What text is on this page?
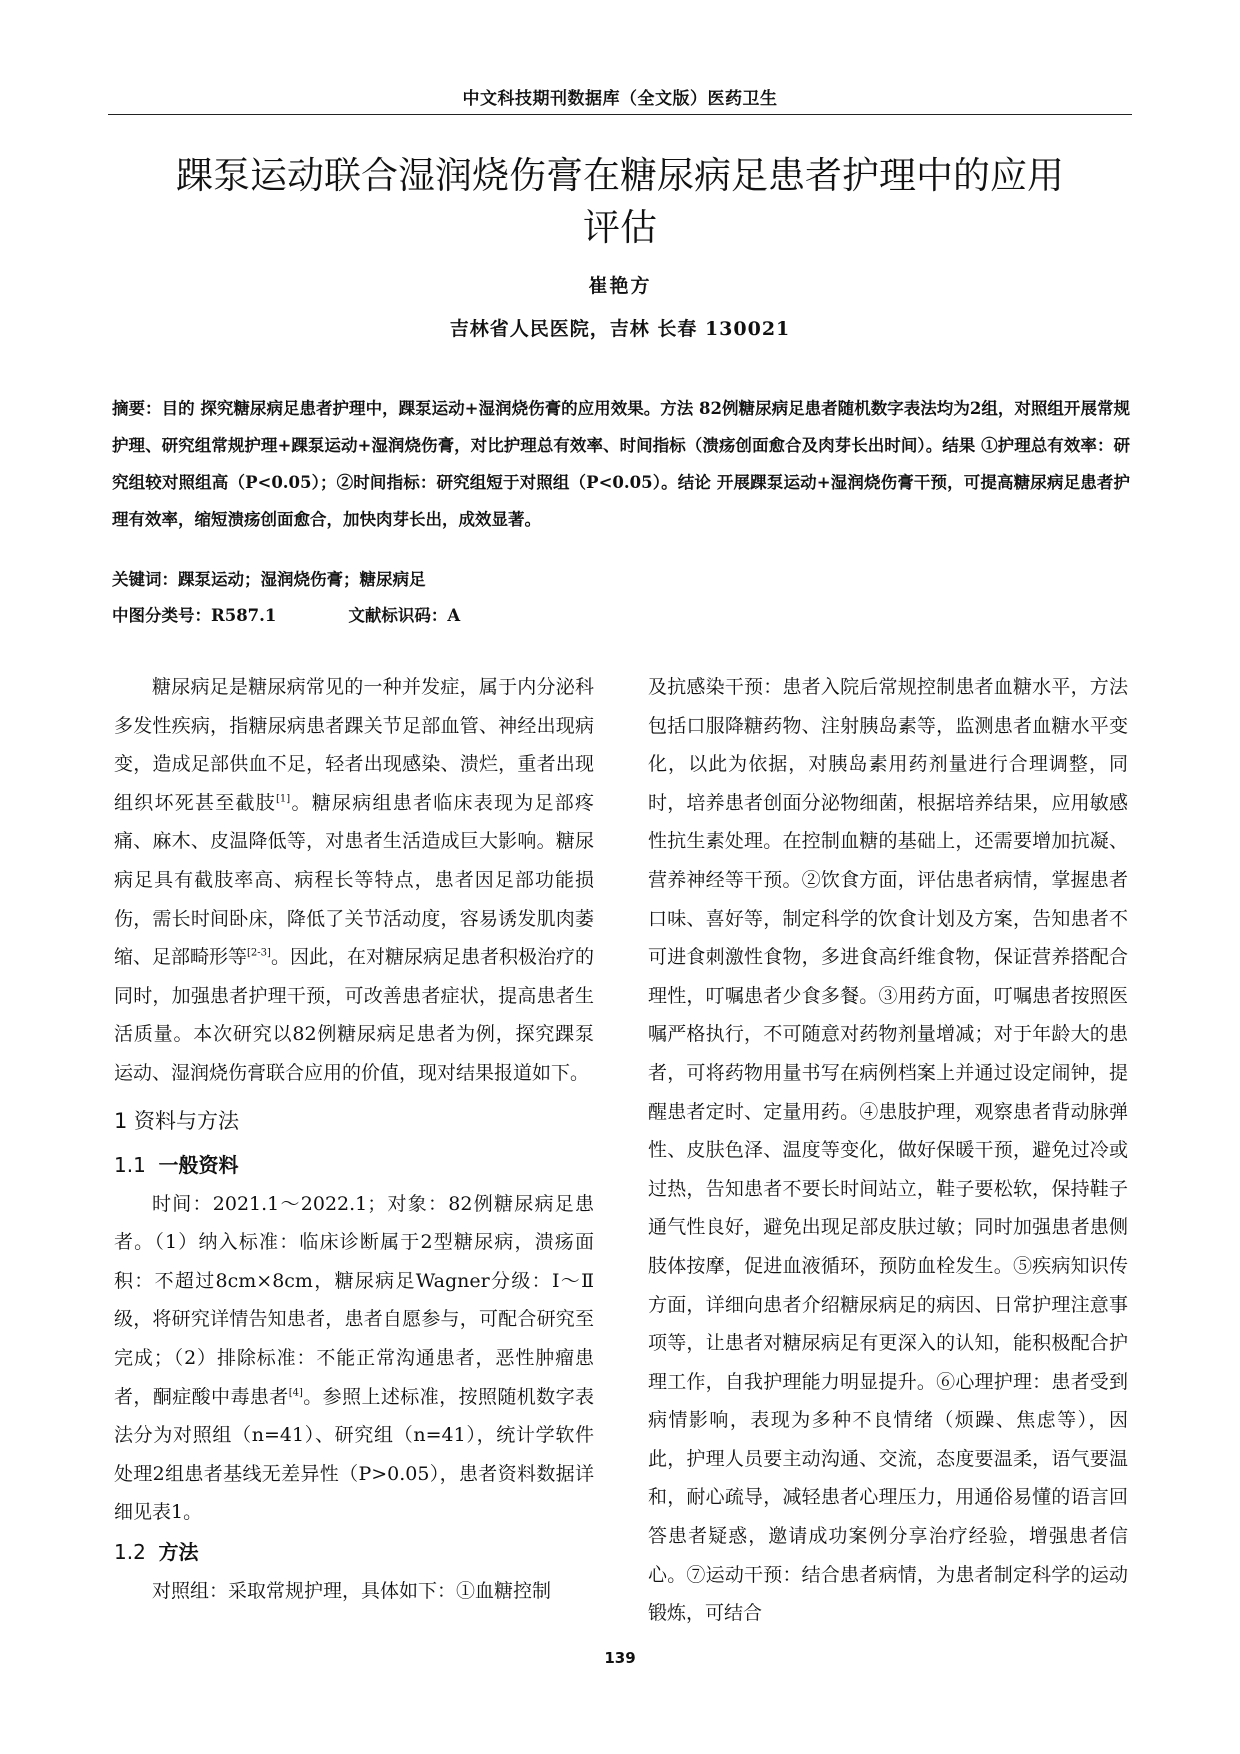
中文科技期刊数据库（全文版）医药卫生
踝泵运动联合湿润烧伤膏在糖尿病足患者护理中的应用
评估
崔艳方
吉林省人民医院，吉林 长春 130021
摘要：目的 探究糖尿病足患者护理中，踝泵运动+湿润烧伤膏的应用效果。方法 82例糖尿病足患者随机数字表法均为2组，对照组开展常规护理、研究组常规护理+踝泵运动+湿润烧伤膏，对比护理总有效率、时间指标（溃疡创面愈合及肉芽长出时间）。结果 ①护理总有效率：研究组较对照组高（P<0.05）；②时间指标：研究组短于对照组（P<0.05）。结论 开展踝泵运动+湿润烧伤膏干预，可提高糖尿病足患者护理有效率，缩短溃疡创面愈合，加快肉芽长出，成效显著。
关键词：踝泵运动；湿润烧伤膏；糖尿病足
中图分类号：R587.1	文献标识码：A

糖尿病足是糖尿病常见的一种并发症，属于内分泌科多发性疾病，指糖尿病患者踝关节足部血管、神经出现病变，造成足部供血不足，轻者出现感染、溃烂，重者出现组织坏死甚至截肢[1]。糖尿病组患者临床表现为足部疼痛、麻木、皮温降低等，对患者生活造成巨大影响。糖尿病足具有截肢率高、病程长等特点，患者因足部功能损伤，需长时间卧床，降低了关节活动度，容易诱发肌肉萎缩、足部畸形等[2-3]。因此，在对糖尿病足患者积极治疗的同时，加强患者护理干预，可改善患者症状，提高患者生活质量。本次研究以82例糖尿病足患者为例，探究踝泵运动、湿润烧伤膏联合应用的价值，现对结果报道如下。

1 资料与方法

1.1 一般资料

时间：2021.1～2022.1；对象：82例糖尿病足患者。（1）纳入标准：临床诊断属于2型糖尿病，溃疡面积：不超过8cm×8cm，糖尿病足Wagner分级：Ⅰ～Ⅱ级，将研究详情告知患者，患者自愿参与，可配合研究至完成；（2）排除标准：不能正常沟通患者，恶性肿瘤患者，酮症酸中毒患者[4]。参照上述标准，按照随机数字表法分为对照组（n=41）、研究组（n=41），统计学软件处理2组患者基线无差异性（P>0.05），患者资料数据详细见表1。

1.2 方法

对照组：采取常规护理，具体如下：①血糖控制

及抗感染干预：患者入院后常规控制患者血糖水平，方法包括口服降糖药物、注射胰岛素等，监测患者血糖水平变化，以此为依据，对胰岛素用药剂量进行合理调整，同时，培养患者创面分泌物细菌，根据培养结果，应用敏感性抗生素处理。在控制血糖的基础上，还需要增加抗凝、营养神经等干预。②饮食方面，评估患者病情，掌握患者口味、喜好等，制定科学的饮食计划及方案，告知患者不可进食刺激性食物，多进食高纤维食物，保证营养搭配合理性，叮嘱患者少食多餐。③用药方面，叮嘱患者按照医嘱严格执行，不可随意对药物剂量增减；对于年龄大的患者，可将药物用量书写在病例档案上并通过设定闹钟，提醒患者定时、定量用药。④患肢护理，观察患者背动脉弹性、皮肤色泽、温度等变化，做好保暖干预，避免过冷或过热，告知患者不要长时间站立，鞋子要松软，保持鞋子通气性良好，避免出现足部皮肤过敏；同时加强患者患侧肢体按摩，促进血液循环，预防血栓发生。⑤疾病知识传方面，详细向患者介绍糖尿病足的病因、日常护理注意事项等，让患者对糖尿病足有更深入的认知，能积极配合护理工作，自我护理能力明显提升。⑥心理护理：患者受到病情影响，表现为多种不良情绪（烦躁、焦虑等），因此，护理人员要主动沟通、交流，态度要温柔，语气要温和，耐心疏导，减轻患者心理压力，用通俗易懂的语言回答患者疑惑，邀请成功案例分享治疗经验，增强患者信心。⑦运动干预：结合患者病情，为患者制定科学的运动锻炼，可结合

139
